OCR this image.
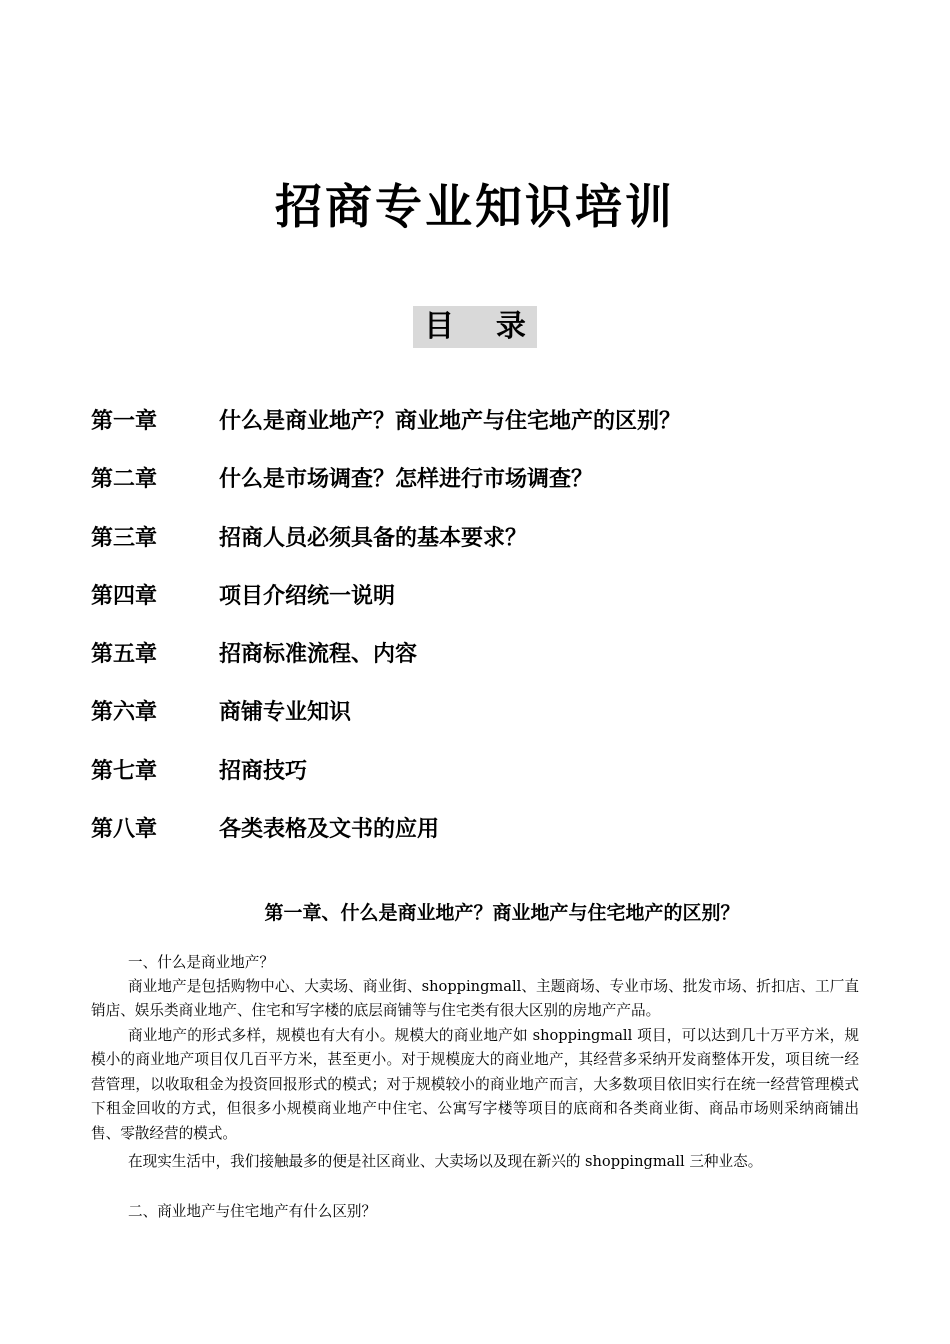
招商专业知识培训
目    录
第一章	什么是商业地产？商业地产与住宅地产的区别？
第二章	什么是市场调查？怎样进行市场调查？
第三章	招商人员必须具备的基本要求？
第四章	项目介绍统一说明
第五章	招商标准流程、内容
第六章	商铺专业知识
第七章	招商技巧
第八章	各类表格及文书的应用
第一章、什么是商业地产？商业地产与住宅地产的区别？

一、什么是商业地产？

商业地产是包括购物中心、大卖场、商业街、shoppingmall、主题商场、专业市场、批发市场、折扣店、工厂直销店、娱乐类商业地产、住宅和写字楼的底层商铺等与住宅类有很大区别的房地产产品。

商业地产的形式多样，规模也有大有小。规模大的商业地产如 shoppingmall 项目，可以达到几十万平方米，规模小的商业地产项目仅几百平方米，甚至更小。对于规模庞大的商业地产，其经营多采纳开发商整体开发，项目统一经营管理，以收取租金为投资回报形式的模式；对于规模较小的商业地产而言，大多数项目依旧实行在统一经营管理模式下租金回收的方式，但很多小规模商业地产中住宅、公寓写字楼等项目的底商和各类商业街、商品市场则采纳商铺出售、零散经营的模式。

在现实生活中，我们接触最多的便是社区商业、大卖场以及现在新兴的 shoppingmall 三种业态。

二、商业地产与住宅地产有什么区别？
